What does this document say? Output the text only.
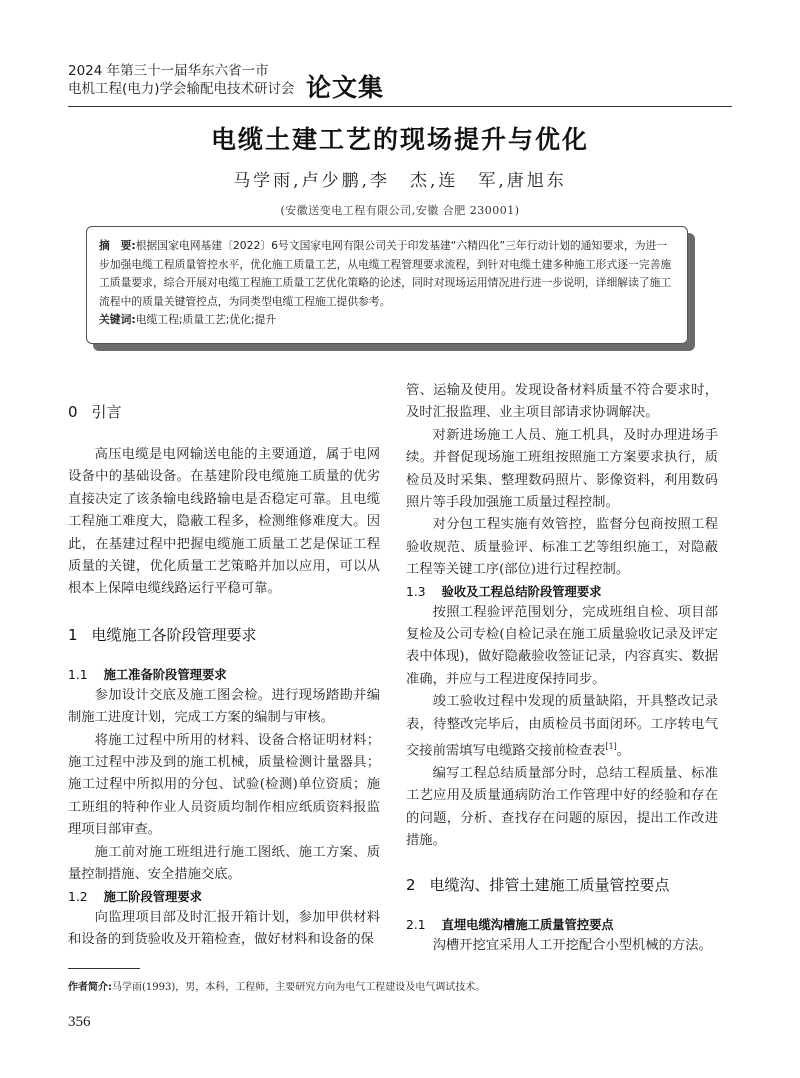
2024 年第三十一届华东六省一市
电机工程(电力)学会输配电技术研讨会 论文集
电缆土建工艺的现场提升与优化
马学雨,卢少鹏,李　杰,连　军,唐旭东
(安徽送变电工程有限公司,安徽 合肥 230001)
摘　要:根据国家电网基建〔2022〕6号文国家电网有限公司关于印发基建“六精四化”三年行动计划的通知要求，为进一步加强电缆工程质量管控水平，优化施工质量工艺，从电缆工程管理要求流程，到针对电缆土建多种施工形式逐一完善施工质量要求，综合开展对电缆工程施工质量工艺优化策略的论述，同时对现场运用情况进行进一步说明，详细解读了施工流程中的质量关键管控点，为同类型电缆工程施工提供参考。
关键词:电缆工程;质量工艺;优化;提升
0 引言

高压电缆是电网输送电能的主要通道，属于电网设备中的基础设备。在基建阶段电缆施工质量的优劣直接决定了该条输电线路输电是否稳定可靠。且电缆工程施工难度大，隐蔽工程多，检测维修难度大。因此，在基建过程中把握电缆施工质量工艺是保证工程质量的关键，优化质量工艺策略并加以应用，可以从根本上保障电缆线路运行平稳可靠。

1 电缆施工各阶段管理要求
1.1 施工准备阶段管理要求

参加设计交底及施工图会检。进行现场踏勘并编制施工进度计划，完成工方案的编制与审核。

将施工过程中所用的材料、设备合格证明材料；施工过程中涉及到的施工机械，质量检测计量器具；施工过程中所拟用的分包、试验(检测)单位资质；施工班组的特种作业人员资质均制作相应纸质资料报监理项目部审查。

施工前对施工班组进行施工图纸、施工方案、质量控制措施、安全措施交底。

1.2 施工阶段管理要求

向监理项目部及时汇报开箱计划，参加甲供材料和设备的到货验收及开箱检查，做好材料和设备的保

管、运输及使用。发现设备材料质量不符合要求时，及时汇报监理、业主项目部请求协调解决。

对新进场施工人员、施工机具，及时办理进场手续。并督促现场施工班组按照施工方案要求执行，质检员及时采集、整理数码照片、影像资料，利用数码照片等手段加强施工质量过程控制。

对分包工程实施有效管控，监督分包商按照工程验收规范、质量验评、标准工艺等组织施工，对隐蔽工程等关键工序(部位)进行过程控制。

1.3 验收及工程总结阶段管理要求

按照工程验评范围划分，完成班组自检、项目部复检及公司专检(自检记录在施工质量验收记录及评定表中体现)，做好隐蔽验收签证记录，内容真实、数据准确，并应与工程进度保持同步。

竣工验收过程中发现的质量缺陷，开具整改记录表，待整改完毕后，由质检员书面闭环。工序转电气交接前需填写电缆路交接前检查表[1]。

编写工程总结质量部分时，总结工程质量、标准工艺应用及质量通病防治工作管理中好的经验和存在的问题，分析、查找存在问题的原因，提出工作改进措施。

2 电缆沟、排管土建施工质量管控要点
2.1 直埋电缆沟槽施工质量管控要点

沟槽开挖宜采用人工开挖配合小型机械的方法。

作者简介:马学雨(1993)，男，本科，工程师，主要研究方向为电气工程建设及电气调试技术。
356
